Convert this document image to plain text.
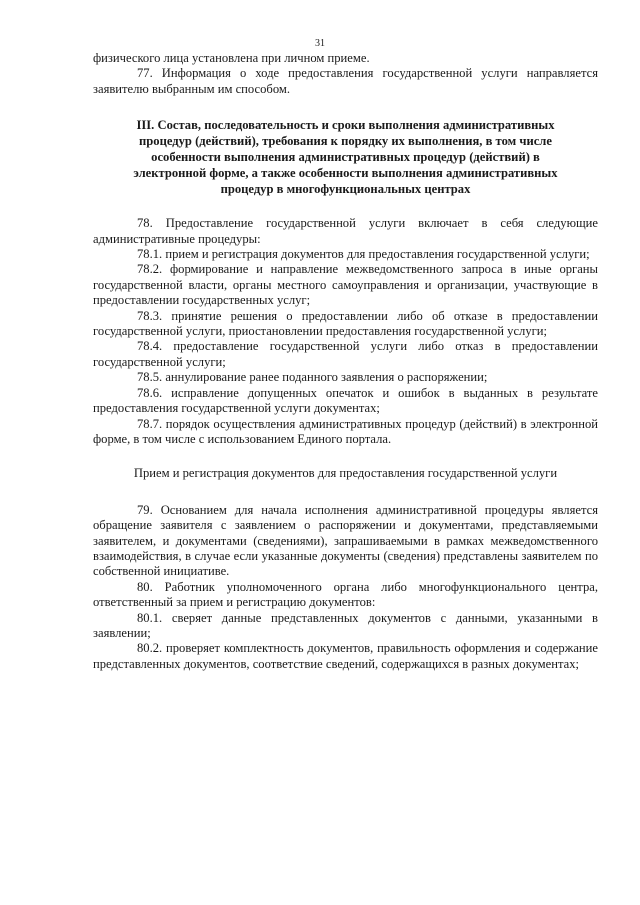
31

физического лица установлена при личном приеме.

77. Информация о ходе предоставления государственной услуги направляется заявителю выбранным им способом.

III. Состав, последовательность и сроки выполнения административных процедур (действий), требования к порядку их выполнения, в том числе особенности выполнения административных процедур (действий) в электронной форме, а также особенности выполнения административных процедур в многофункциональных центрах

78. Предоставление государственной услуги включает в себя следующие административные процедуры:

78.1. прием и регистрация документов для предоставления государственной услуги;

78.2. формирование и направление межведомственного запроса в иные органы государственной власти, органы местного самоуправления и организации, участвующие в предоставлении государственных услуг;

78.3. принятие решения о предоставлении либо об отказе в предоставлении государственной услуги, приостановлении предоставления государственной услуги;

78.4. предоставление государственной услуги либо отказ в предоставлении государственной услуги;

78.5. аннулирование ранее поданного заявления о распоряжении;

78.6. исправление допущенных опечаток и ошибок в выданных в результате предоставления государственной услуги документах;

78.7. порядок осуществления административных процедур (действий) в электронной форме, в том числе с использованием Единого портала.

Прием и регистрация документов для предоставления государственной услуги

79. Основанием для начала исполнения административной процедуры является обращение заявителя с заявлением о распоряжении и документами, представляемыми заявителем, и документами (сведениями), запрашиваемыми в рамках межведомственного взаимодействия, в случае если указанные документы (сведения) представлены заявителем по собственной инициативе.

80. Работник уполномоченного органа либо многофункционального центра, ответственный за прием и регистрацию документов:

80.1. сверяет данные представленных документов с данными, указанными в заявлении;

80.2. проверяет комплектность документов, правильность оформления и содержание представленных документов, соответствие сведений, содержащихся в разных документах;
